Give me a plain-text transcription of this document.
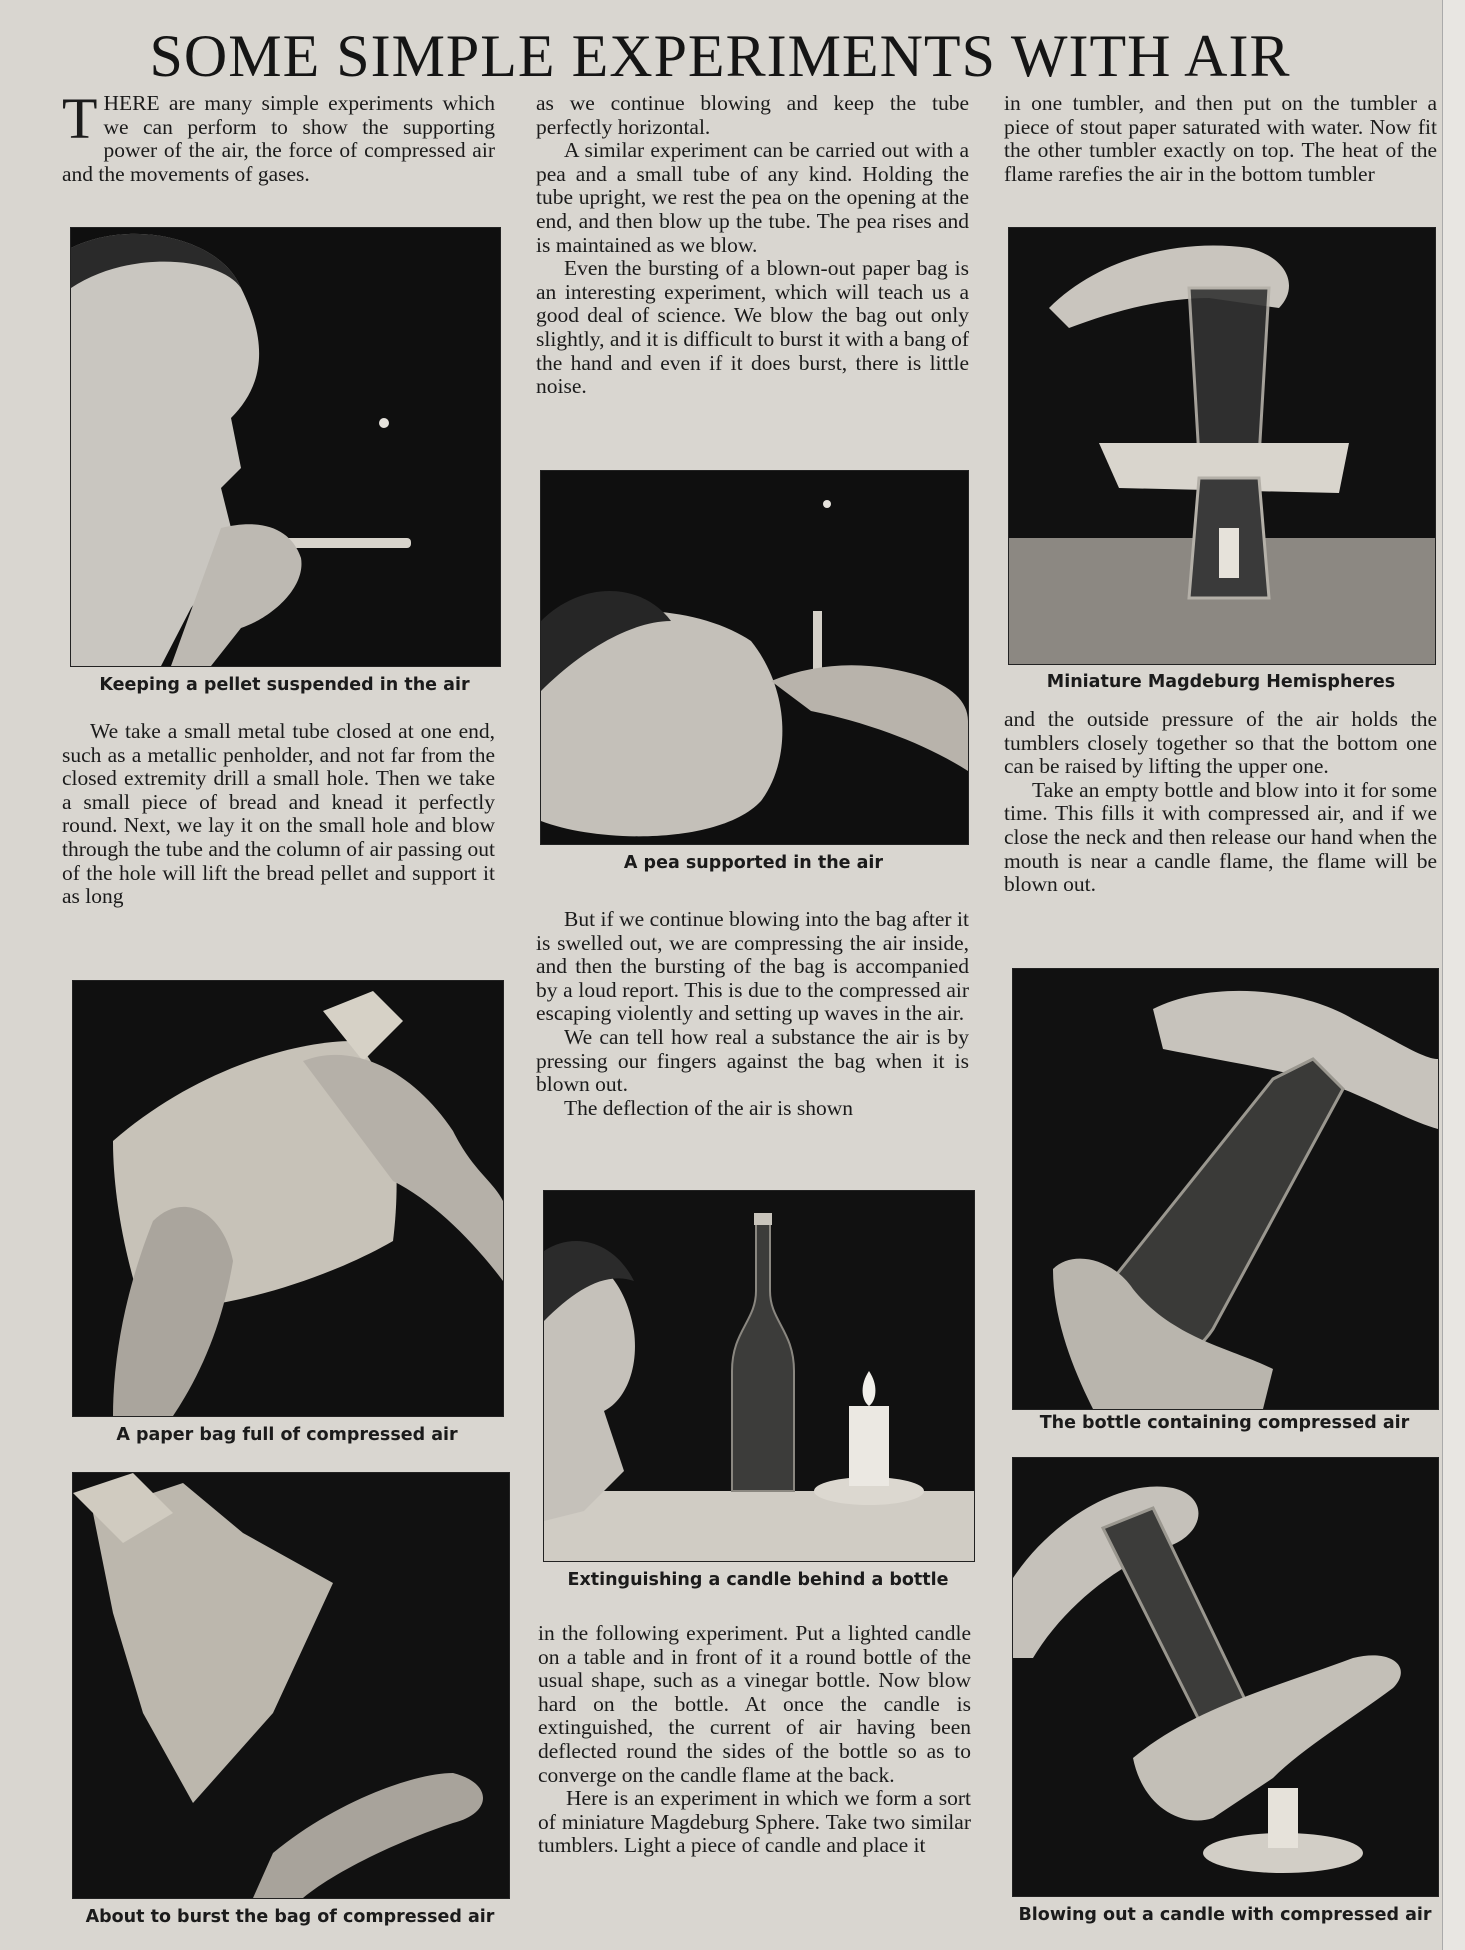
SOME SIMPLE EXPERIMENTS WITH AIR

THERE are many simple experiments which we can perform to show the supporting power of the air, the force of compressed air and the movements of gases.

Keeping a pellet suspended in the air

We take a small metal tube closed at one end, such as a metallic penholder, and not far from the closed extremity drill a small hole. Then we take a small piece of bread and knead it perfectly round. Next, we lay it on the small hole and blow through the tube and the column of air passing out of the hole will lift the bread pellet and support it as long

A paper bag full of compressed air
About to burst the bag of compressed air

as we continue blowing and keep the tube perfectly horizontal.

A similar experiment can be carried out with a pea and a small tube of any kind. Holding the tube upright, we rest the pea on the opening at the end, and then blow up the tube. The pea rises and is maintained as we blow.

Even the bursting of a blown-out paper bag is an interesting experiment, which will teach us a good deal of science. We blow the bag out only slightly, and it is difficult to burst it with a bang of the hand and even if it does burst, there is little noise.

A pea supported in the air

But if we continue blowing into the bag after it is swelled out, we are compressing the air inside, and then the bursting of the bag is accompanied by a loud report. This is due to the compressed air escaping violently and setting up waves in the air.

We can tell how real a substance the air is by pressing our fingers against the bag when it is blown out.

The deflection of the air is shown

Extinguishing a candle behind a bottle

in the following experiment. Put a lighted candle on a table and in front of it a round bottle of the usual shape, such as a vinegar bottle. Now blow hard on the bottle. At once the candle is extinguished, the current of air having been deflected round the sides of the bottle so as to converge on the candle flame at the back.

Here is an experiment in which we form a sort of miniature Magdeburg Sphere. Take two similar tumblers. Light a piece of candle and place it

in one tumbler, and then put on the tumbler a piece of stout paper saturated with water. Now fit the other tumbler exactly on top. The heat of the flame rarefies the air in the bottom tumbler

Miniature Magdeburg Hemispheres

and the outside pressure of the air holds the tumblers closely together so that the bottom one can be raised by lifting the upper one.

Take an empty bottle and blow into it for some time. This fills it with compressed air, and if we close the neck and then release our hand when the mouth is near a candle flame, the flame will be blown out.

The bottle containing compressed air
Blowing out a candle with compressed air
